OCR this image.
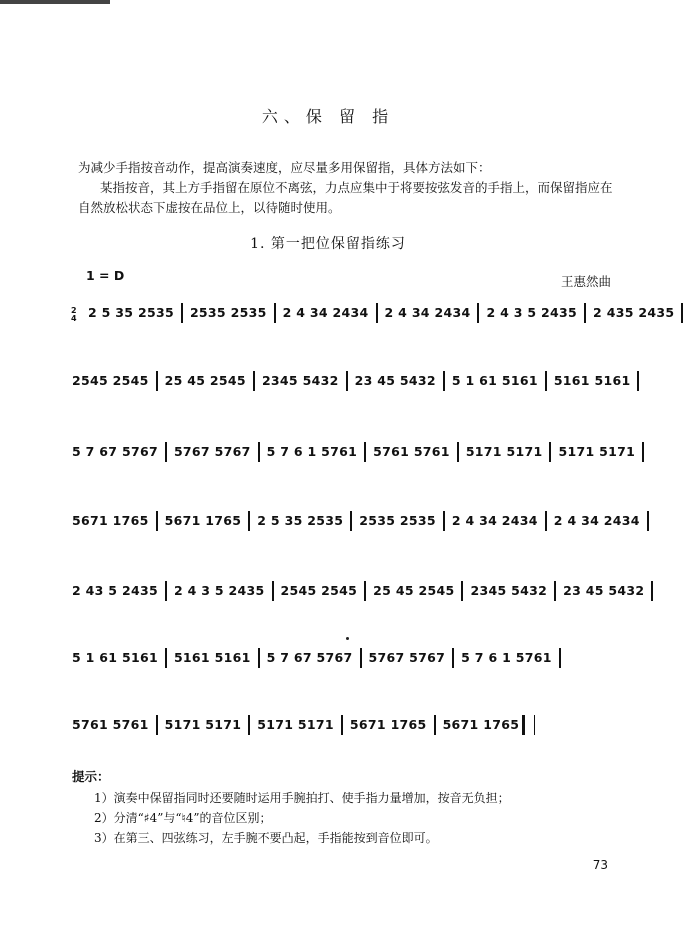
六、保 留 指

为减少手指按音动作，提高演奏速度，应尽量多用保留指，具体方法如下：

某指按音，其上方手指留在原位不离弦，力点应集中于将要按弦发音的手指上，而保留指应在自然放松状态下虚按在品位上，以待随时使用。

1. 第一把位保留指练习
1 = D	王惠然曲
2
4 2 5 35 2535 2535 2535 2 4 34 2434 2 4 34 2434 2 4 3 5 2435 2 435 2435
2545 2545 25 45 2545 2345 5432 23 45 5432 5 1 61 5161 5161 5161
5 7 67 5767 5767 5767 5 7 6 1 5761 5761 5761 5171 5171 5171 5171
5671 1765 5671 1765 2 5 35 2535 2535 2535 2 4 34 2434 2 4 34 2434
2 43 5 2435 2 4 3 5 2435 2545 2545 25 45 2545 2345 5432 23 45 5432
5 1 61 5161 5161 5161 5 7 67 5767 5767 5767 5 7 6 1 5761
5761 5761 5171 5171 5171 5171 5671 1765 5671 1765
提示：

1）演奏中保留指同时还要随时运用手腕拍打、使手指力量增加，按音无负担；

2）分清“♯4”与“♮4”的音位区别；

3）在第三、四弦练习，左手腕不要凸起，手指能按到音位即可。

73
